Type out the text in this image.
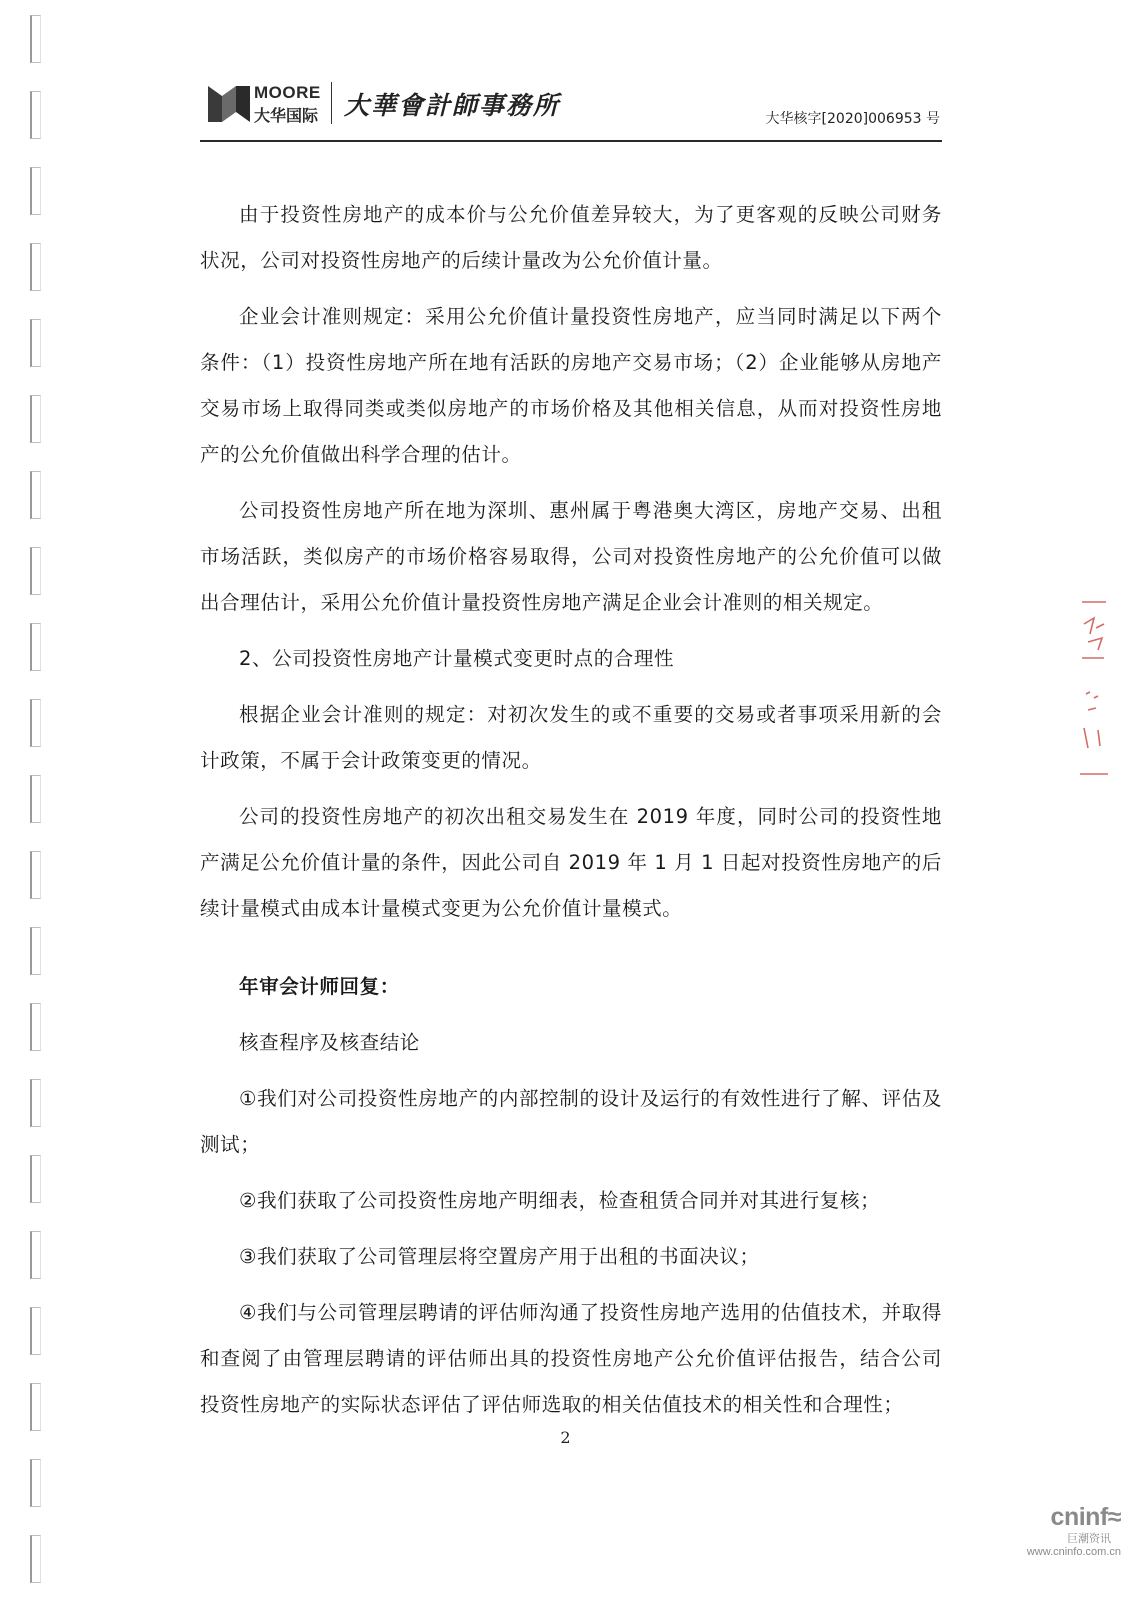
MOORE
大华国际 大華會計師事務所	大华核字[2020]006953 号

由于投资性房地产的成本价与公允价值差异较大，为了更客观的反映公司财务状况，公司对投资性房地产的后续计量改为公允价值计量。

企业会计准则规定：采用公允价值计量投资性房地产，应当同时满足以下两个条件：（1）投资性房地产所在地有活跃的房地产交易市场；（2）企业能够从房地产交易市场上取得同类或类似房地产的市场价格及其他相关信息，从而对投资性房地产的公允价值做出科学合理的估计。

公司投资性房地产所在地为深圳、惠州属于粤港奥大湾区，房地产交易、出租市场活跃，类似房产的市场价格容易取得，公司对投资性房地产的公允价值可以做出合理估计，采用公允价值计量投资性房地产满足企业会计准则的相关规定。

2、公司投资性房地产计量模式变更时点的合理性

根据企业会计准则的规定：对初次发生的或不重要的交易或者事项采用新的会计政策，不属于会计政策变更的情况。

公司的投资性房地产的初次出租交易发生在 2019 年度，同时公司的投资性地产满足公允价值计量的条件，因此公司自 2019 年 1 月 1 日起对投资性房地产的后续计量模式由成本计量模式变更为公允价值计量模式。

年审会计师回复：

核查程序及核查结论

①我们对公司投资性房地产的内部控制的设计及运行的有效性进行了解、评估及测试；

②我们获取了公司投资性房地产明细表，检查租赁合同并对其进行复核；

③我们获取了公司管理层将空置房产用于出租的书面决议；

④我们与公司管理层聘请的评估师沟通了投资性房地产选用的估值技术，并取得和查阅了由管理层聘请的评估师出具的投资性房地产公允价值评估报告，结合公司投资性房地产的实际状态评估了评估师选取的相关估值技术的相关性和合理性；

2
cninf≈
巨潮资讯
www.cninfo.com.cn
